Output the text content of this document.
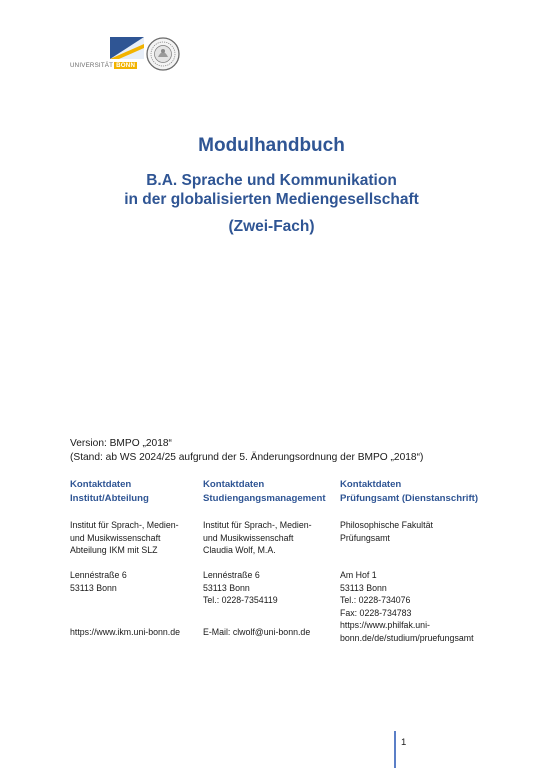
UNIVERSITÄT BONN
Modulhandbuch
B.A. Sprache und Kommunikation
in der globalisierten Mediengesellschaft
(Zwei-Fach)
Version: BMPO „2018“
(Stand: ab WS 2024/25 aufgrund der 5. Änderungsordnung der BMPO „2018“)
Kontaktdaten
Institut/Abteilung
Institut für Sprach-, Medien-
und Musikwissenschaft
Abteilung IKM mit SLZ
Lennéstraße 6
53113 Bonn
https://www.ikm.uni-bonn.de
Kontaktdaten
Studiengangsmanagement
Institut für Sprach-, Medien-
und Musikwissenschaft
Claudia Wolf, M.A.
Lennéstraße 6
53113 Bonn
Tel.: 0228-7354119
E-Mail: clwolf@uni-bonn.de
Kontaktdaten
Prüfungsamt (Dienstanschrift)
Philosophische Fakultät
Prüfungsamt
Am Hof 1
53113 Bonn
Tel.: 0228-734076
Fax: 0228-734783
https://www.philfak.uni-
bonn.de/de/studium/pruefungsamt
1
